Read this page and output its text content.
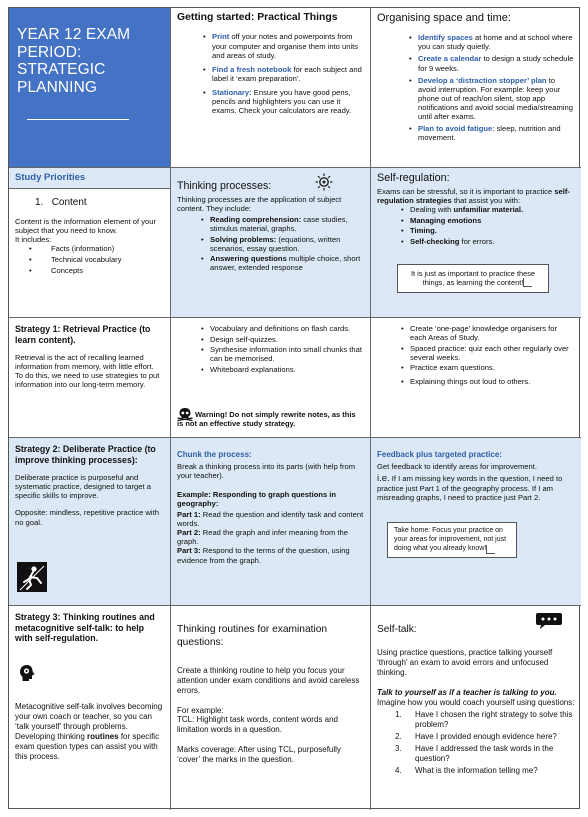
YEAR 12 EXAM PERIOD: STRATEGIC PLANNING
Getting started: Practical Things
• Print off your notes and powerpoints from your computer and organise them into units and areas of study.
• Find a fresh notebook for each subject and label it ‘exam preparation’.
• Stationary: Ensure you have good pens, pencils and highlighters you can use it exams. Check your calculators are ready.
Organising space and time:
• Identify spaces at home and at school where you can study quietly.
• Create a calendar to design a study schedule for 9 weeks.
• Develop a ‘distraction stopper’ plan to avoid interruption. For example: keep your phone out of reach/on silent, stop app notifications and avoid social media/streaming until after exams.
• Plan to avoid fatigue: sleep, nutrition and movement.
Study Priorities
1. Content
Content is the information element of your subject that you need to know.
It includes:
• Facts (information)
• Technical vocabulary
• Concepts
Thinking processes:
Thinking processes are the application of subject content. They include:
• Reading comprehension: case studies, stimulus material, graphs.
• Solving problems: (equations, written scenarios, essay question.
• Answering questions multiple choice, short answer, extended response
Self-regulation:
Exams can be stressful, so it is important to practice self-regulation strategies that assist you with:
• Dealing with unfamiliar material.
• Managing emotions
• Timing.
• Self-checking for errors.
It is just as important to practice these things, as learning the content!
Strategy 1: Retrieval Practice (to learn content).

Retrieval is the act of recalling learned information from memory, with little effort.

To do this, we need to use strategies to put information into our long-term memory.

• Vocabulary and definitions on flash cards.
• Design self-quizzes.
• Synthesise information into small chunks that can be memorised.
• Whiteboard explanations.
Warning! Do not simply rewrite notes, as this is not an effective study strategy.
• Create ‘one-page’ knowledge organisers for each Areas of Study.
• Spaced practice: quiz each other regularly over several weeks.
• Practice exam questions.
• Explaining things out loud to others.
Strategy 2: Deliberate Practice (to improve thinking processes):

Deliberate practice is purposeful and systematic practice, designed to target a specific skills to improve.

Opposite: mindless, repetitive practice with no goal.

Chunk the process:

Break a thinking process into its parts (with help from your teacher).

Example: Responding to graph questions in geography:
Part 1: Read the question and identify task and content words.
Part 2: Read the graph and infer meaning from the graph.
Part 3: Respond to the terms of the question, using evidence from the graph.
Feedback plus targeted practice:
Get feedback to identify areas for improvement.
i.e. If I am missing key words in the question, I need to practice just Part 1 of the geography process. If I am misreading graphs, I need to practice just Part 2.
Take home: Focus your practice on your areas for improvement, not just doing what you already know!
Strategy 3: Thinking routines and metacognitive self-talk: to help with self-regulation.
Metacognitive self-talk involves becoming your own coach or teacher, so you can ‘talk yourself’ through problems. Developing thinking routines for specific exam question types can assist you with this process.
Thinking routines for examination questions:

Create a thinking routine to help you focus your attention under exam conditions and avoid careless errors.

For example:

TCL: Highlight task words, content words and limitation words in a question.

Marks coverage: After using TCL, purposefully ‘cover’ the marks in the question.

Self-talk:

Using practice questions, practice talking yourself ‘through’ an exam to avoid errors and unfocused thinking.

Talk to yourself as if a teacher is talking to you. Imagine how you would coach yourself using questions:
1. Have I chosen the right strategy to solve this problem?
2. Have I provided enough evidence here?
3. Have I addressed the task words in the question?
4. What is the information telling me?
